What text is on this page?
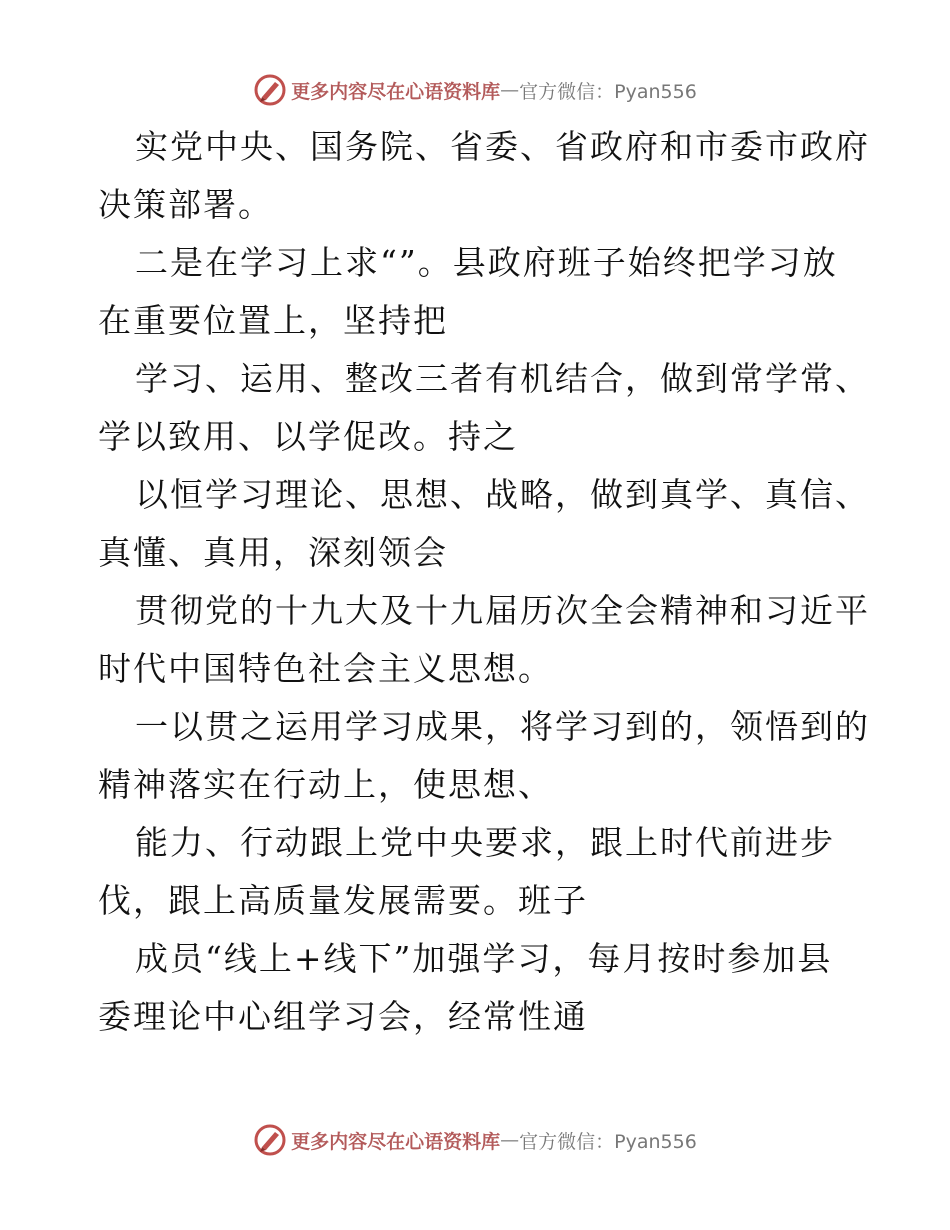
更多内容尽在心语资料库 — 官方微信：Pyan556

实党中央、国务院、省委、省政府和市委市政府
决策部署。

二是在学习上求“”。县政府班子始终把学习放
在重要位置上，坚持把

学习、运用、整改三者有机结合，做到常学常、
学以致用、以学促改。持之

以恒学习理论、思想、战略，做到真学、真信、
真懂、真用，深刻领会

贯彻党的十九大及十九届历次全会精神和习近平
时代中国特色社会主义思想。

一以贯之运用学习成果，将学习到的，领悟到的
精神落实在行动上，使思想、

能力、行动跟上党中央要求，跟上时代前进步
伐，跟上高质量发展需要。班子

成员“线上+线下”加强学习，每月按时参加县
委理论中心组学习会，经常性通

更多内容尽在心语资料库 — 官方微信：Pyan556
